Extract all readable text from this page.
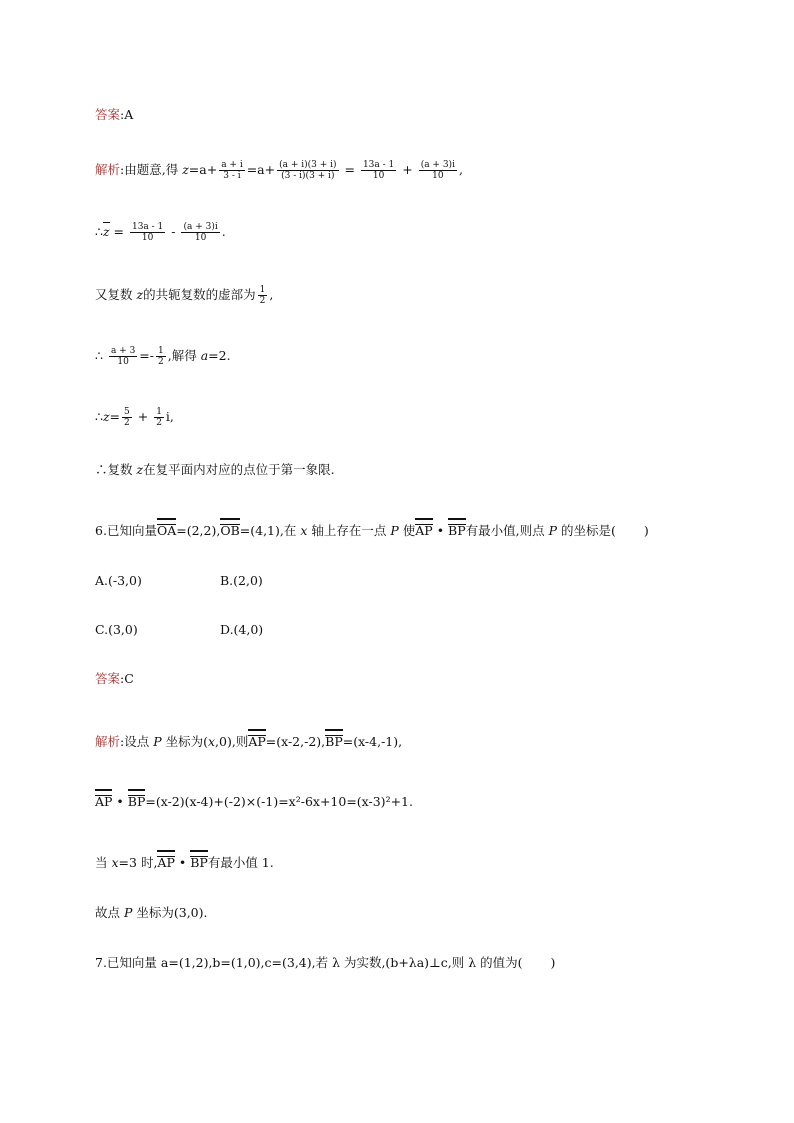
答案:A
解析:由题意,得 $z=a+ \frac{a + i}{3 - i} =a+ \frac{(a + i)(3 + i)}{(3 - i)(3 + i)} = \frac{13a - 1}{10} + \frac{(a + 3)i}{10}$ ,
∴z = $\frac{13a - 1}{10} - \frac{(a + 3)i}{10}$ .
又复数 z的共轭复数的虚部为 $\frac{1}{2}$ ,
∴ $\frac{a + 3}{10} =- \frac{1}{2}$ ,解得 a=2.
∴z= $\frac{5}{2} + \frac{1}{2} i$,
∴复数 z在复平面内对应的点位于第一象限.
6.已知向量OA=(2,2),OB=(4,1),在 x 轴上存在一点 P 使AP • BP有最小值,则点 P 的坐标是( )
A.(-3,0)	B.(2,0)
C.(3,0)	D.(4,0)
答案:C
解析:设点 P 坐标为(x,0),则AP=(x-2,-2),BP=(x-4,-1),
AP • BP=(x-2)(x-4)+(-2)×(-1)=x²-6x+10=(x-3)²+1.
当 x=3 时,AP • BP有最小值 1.
故点 P 坐标为(3,0).
7.已知向量 a=(1,2),b=(1,0),c=(3,4),若 λ 为实数,(b+λa)⊥c,则 λ 的值为( )
